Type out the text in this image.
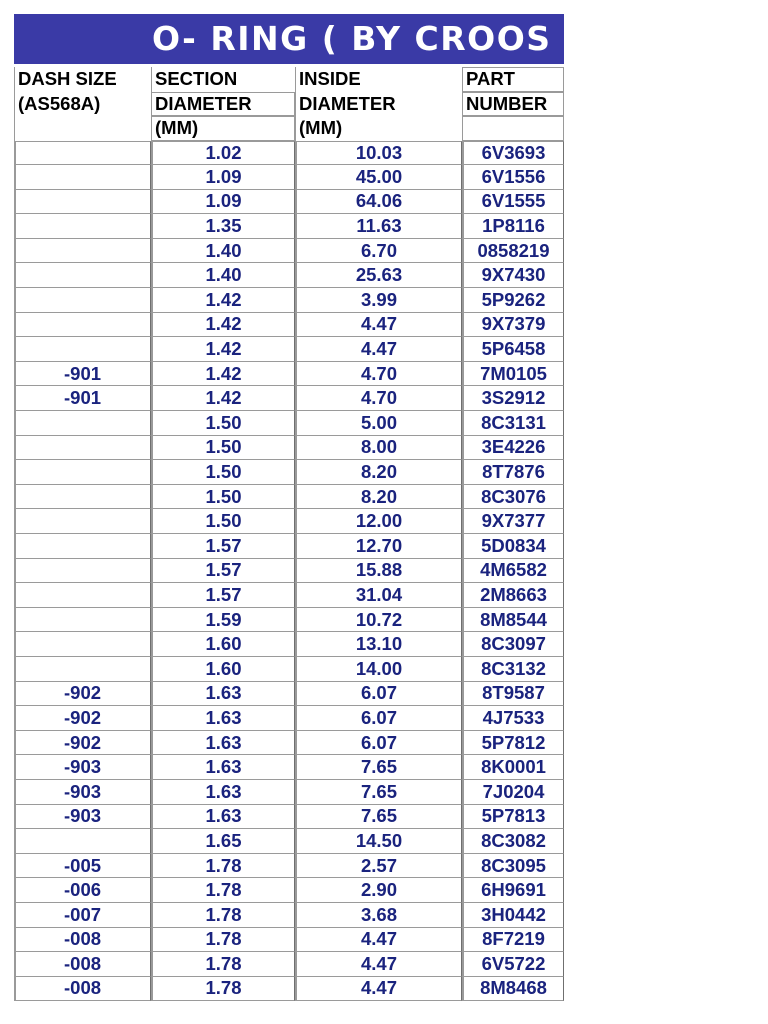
O- RING ( BY CROOS
DASH SIZE	SECTION	INSIDE	PART
(AS568A)	DIAMETER	DIAMETER	NUMBER
	(MM)	(MM)	
	1.02	10.03	6V3693
	1.09	45.00	6V1556
	1.09	64.06	6V1555
	1.35	11.63	1P8116
	1.40	6.70	0858219
	1.40	25.63	9X7430
	1.42	3.99	5P9262
	1.42	4.47	9X7379
	1.42	4.47	5P6458
-901	1.42	4.70	7M0105
-901	1.42	4.70	3S2912
	1.50	5.00	8C3131
	1.50	8.00	3E4226
	1.50	8.20	8T7876
	1.50	8.20	8C3076
	1.50	12.00	9X7377
	1.57	12.70	5D0834
	1.57	15.88	4M6582
	1.57	31.04	2M8663
	1.59	10.72	8M8544
	1.60	13.10	8C3097
	1.60	14.00	8C3132
-902	1.63	6.07	8T9587
-902	1.63	6.07	4J7533
-902	1.63	6.07	5P7812
-903	1.63	7.65	8K0001
-903	1.63	7.65	7J0204
-903	1.63	7.65	5P7813
	1.65	14.50	8C3082
-005	1.78	2.57	8C3095
-006	1.78	2.90	6H9691
-007	1.78	3.68	3H0442
-008	1.78	4.47	8F7219
-008	1.78	4.47	6V5722
-008	1.78	4.47	8M8468
